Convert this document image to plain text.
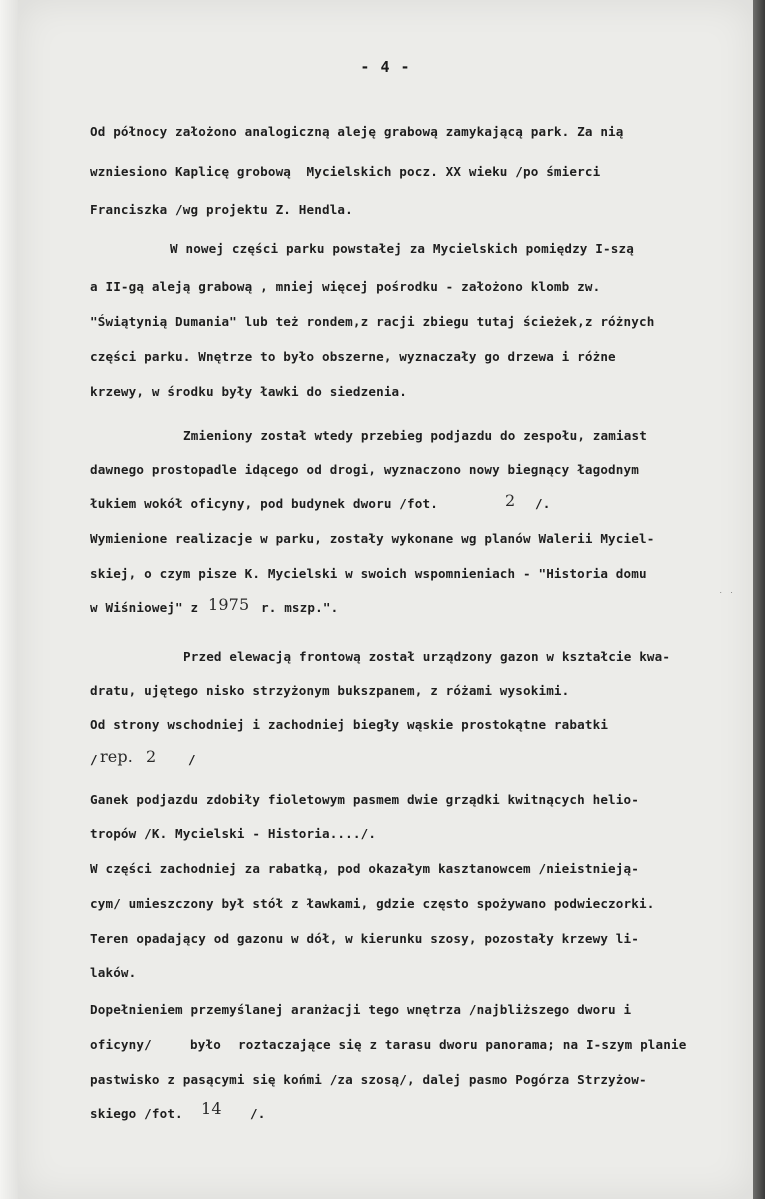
- 4 -
Od północy założono analogiczną aleję grabową zamykającą park. Za nią
wzniesiono Kaplicę grobową  Mycielskich pocz. XX wieku /po śmierci
Franciszka /wg projektu Z. Hendla.
W nowej części parku powstałej za Mycielskich pomiędzy I-szą
a II-gą aleją grabową , mniej więcej pośrodku - założono klomb zw.
"Świątynią Dumania" lub też rondem,z racji zbiegu tutaj ścieżek,z różnych
części parku. Wnętrze to było obszerne, wyznaczały go drzewa i różne
krzewy, w środku były ławki do siedzenia.
Zmieniony został wtedy przebieg podjazdu do zespołu, zamiast
dawnego prostopadle idącego od drogi, wyznaczono nowy biegnący łagodnym
łukiem wokół oficyny, pod budynek dworu /fot.	2 /.
Wymienione realizacje w parku, zostały wykonane wg planów Walerii Myciel-
skiej, o czym pisze K. Mycielski w swoich wspomnieniach - "Historia domu
w Wiśniowej" z 1975 r. mszp.".
˙ ˙
Przed elewacją frontową został urządzony gazon w kształcie kwa-
dratu, ujętego nisko strzyżonym bukszpanem, z różami wysokimi.
Od strony wschodniej i zachodniej biegły wąskie prostokątne rabatki
/ rep. 2	/
Ganek podjazdu zdobiły fioletowym pasmem dwie grządki kwitnących helio-
tropów /K. Mycielski - Historia..../.
W części zachodniej za rabatką, pod okazałym kasztanowcem /nieistnieją-
cym/ umieszczony był stół z ławkami, gdzie często spożywano podwieczorki.
Teren opadający od gazonu w dół, w kierunku szosy, pozostały krzewy li-
laków.
Dopełnieniem przemyślanej aranżacji tego wnętrza /najbliższego dworu i
oficyny/	było roztaczające się z tarasu dworu panorama; na I-szym planie
pastwisko z pasącymi się końmi /za szosą/, dalej pasmo Pogórza Strzyżow-
skiego /fot. 14 /.
